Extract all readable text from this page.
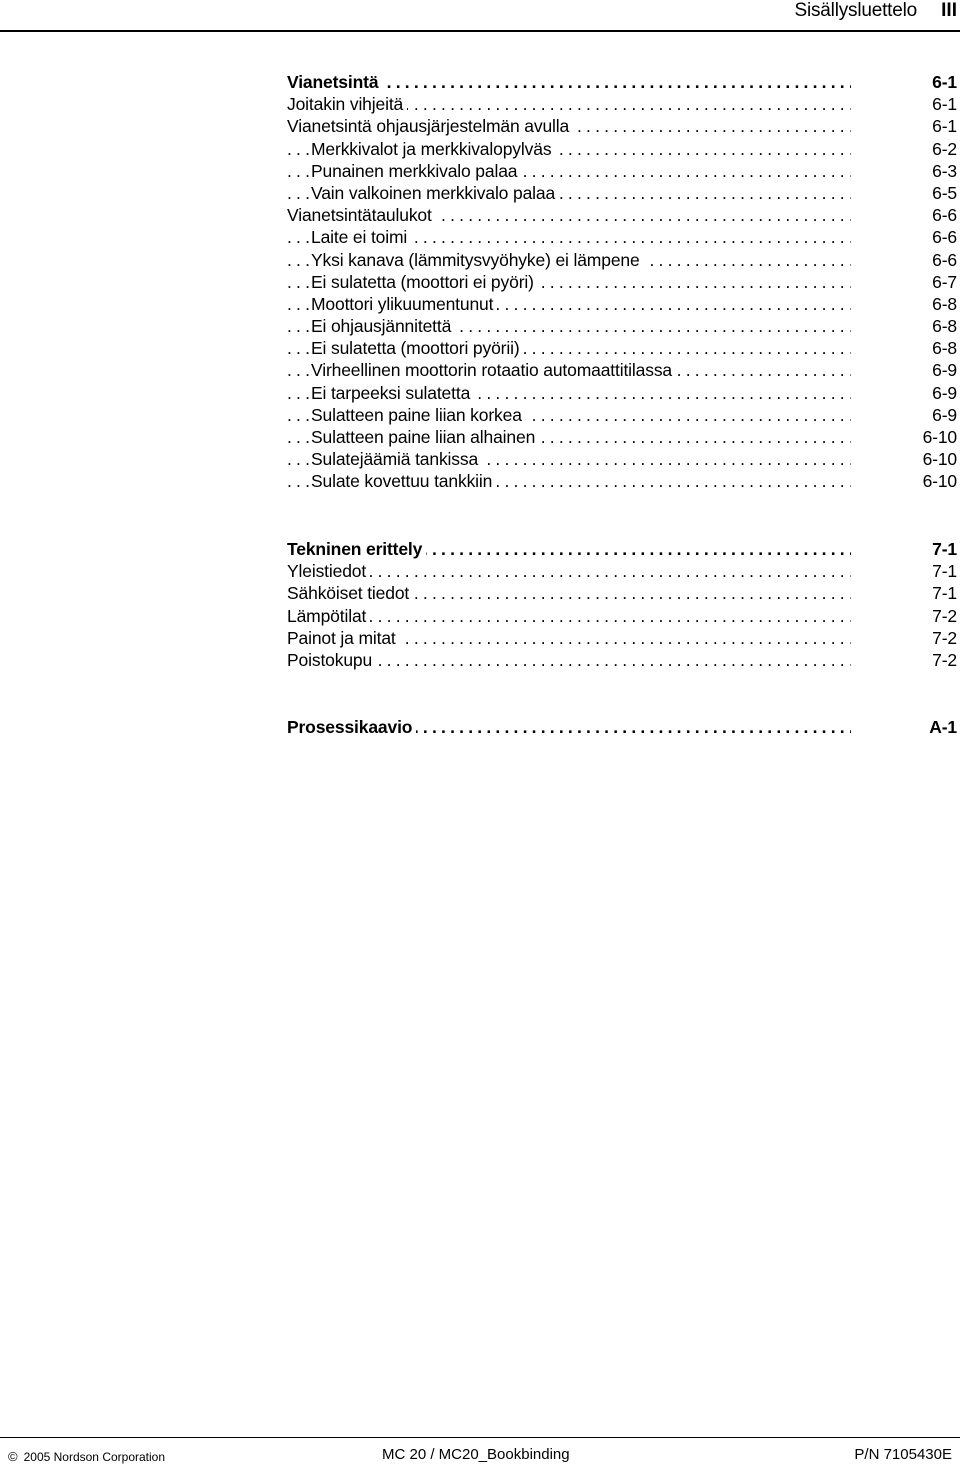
Sisällysluettelo III
.....
Vianetsintä	6-1
.....
Joitakin vihjeitä	6-1
.....
Vianetsintä ohjausjärjestelmän avulla	6-1
.....
Merkkivalot ja merkkivalopylväs	6-2
.....
Punainen merkkivalo palaa	6-3
.....
Vain valkoinen merkkivalo palaa	6-5
.....
Vianetsintätaulukot	6-6
.....
Laite ei toimi	6-6
.....
Yksi kanava (lämmitysvyöhyke) ei lämpene	6-6
.....
Ei sulatetta (moottori ei pyöri)	6-7
.....
Moottori ylikuumentunut	6-8
.....
Ei ohjausjännitettä	6-8
.....
Ei sulatetta (moottori pyörii)	6-8
.....
Virheellinen moottorin rotaatio automaattitilassa	6-9
.....
Ei tarpeeksi sulatetta	6-9
.....
Sulatteen paine liian korkea	6-9
.....
Sulatteen paine liian alhainen	6-10
.....
Sulatejäämiä tankissa	6-10
.....
Sulate kovettuu tankkiin	6-10
.....
Tekninen erittely	7-1
.....
Yleistiedot	7-1
.....
Sähköiset tiedot	7-1
.....
Lämpötilat	7-2
.....
Painot ja mitat	7-2
.....
Poistokupu	7-2
.....
Prosessikaavio	A-1
© 2005 Nordson Corporation	MC 20 / MC20_Bookbinding	P/N 7105430E
